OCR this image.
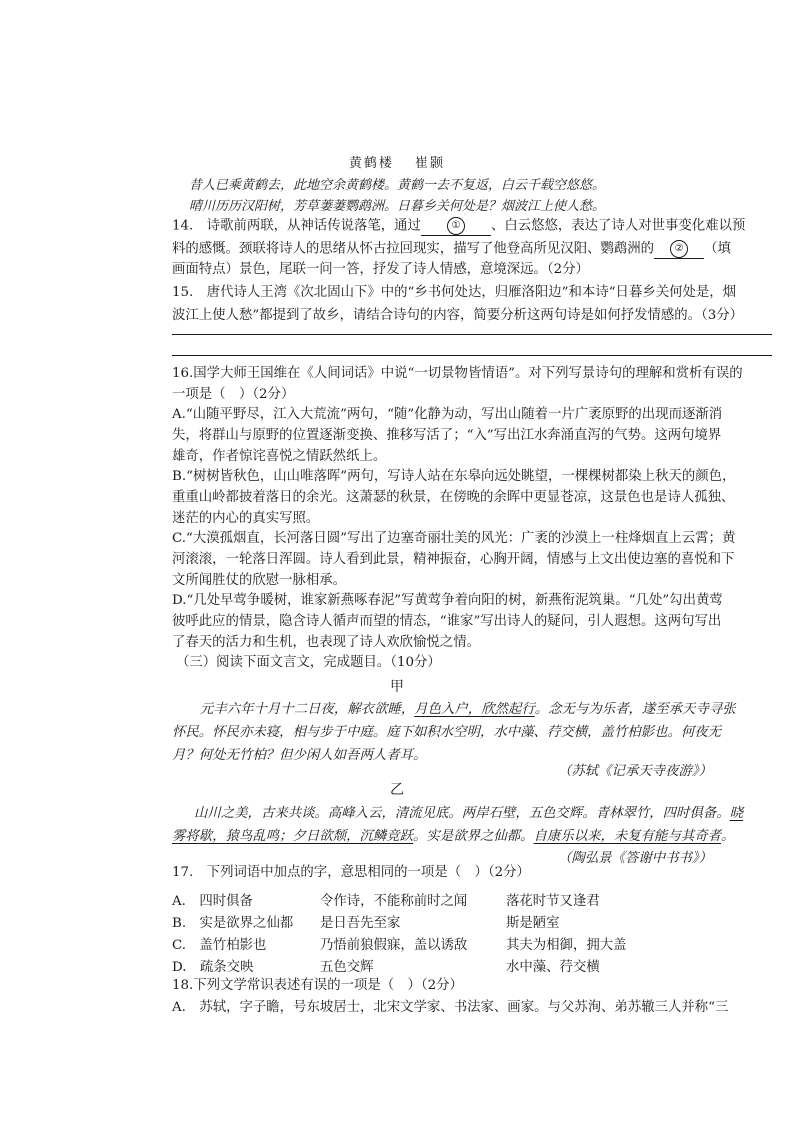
黄鹤楼　 崔颢
昔人已乘黄鹤去，此地空余黄鹤楼。黄鹤一去不复返，白云千载空悠悠。
晴川历历汉阳树，芳草萋萋鹦鹉洲。日暮乡关何处是？烟波江上使人愁。
14.　诗歌前两联，从神话传说落笔，通过	① 、白云悠悠，表达了诗人对世事变化难以预
料的感慨。颈联将诗人的思绪从怀古拉回现实，描写了他登高所见汉阳、鹦鹉洲的 ② （填
画面特点）景色，尾联一问一答，抒发了诗人情感，意境深远。（2分）
15.　唐代诗人王湾《次北固山下》中的“乡书何处达，归雁洛阳边”和本诗“日暮乡关何处是，烟
波江上使人愁”都提到了故乡，请结合诗句的内容，简要分析这两句诗是如何抒发情感的。（3分）
16.国学大师王国维在《人间词话》中说“一切景物皆情语”。对下列写景诗句的理解和赏析有误的
一项是（　）（2分）
A.“山随平野尽，江入大荒流”两句，“随”化静为动，写出山随着一片广袤原野的出现而逐渐消
失，将群山与原野的位置逐渐变换、推移写活了；“入”写出江水奔涌直泻的气势。这两句境界
雄奇，作者惊诧喜悦之情跃然纸上。
B.“树树皆秋色，山山唯落晖”两句，写诗人站在东皋向远处眺望，一棵棵树都染上秋天的颜色，
重重山岭都披着落日的余光。这萧瑟的秋景，在傍晚的余晖中更显苍凉，这景色也是诗人孤独、
迷茫的内心的真实写照。
C.“大漠孤烟直，长河落日圆”写出了边塞奇丽壮美的风光：广袤的沙漠上一柱烽烟直上云霄；黄
河滚滚，一轮落日浑圆。诗人看到此景，精神振奋，心胸开阔，情感与上文出使边塞的喜悦和下
文所闻胜仗的欣慰一脉相承。
D.“几处早莺争暖树，谁家新燕啄春泥”写黄莺争着向阳的树，新燕衔泥筑巢。“几处”勾出黄莺
彼呼此应的情景，隐含诗人循声而望的情态，“谁家”写出诗人的疑问，引人遐想。这两句写出
了春天的活力和生机，也表现了诗人欢欣愉悦之情。
（三）阅读下面文言文，完成题目。（10分）
甲
元丰六年十月十二日夜，解衣欲睡，月色入户，欣然起行。念无与为乐者，遂至承天寺寻张
怀民。怀民亦未寝，相与步于中庭。庭下如积水空明，水中藻、荇交横，盖竹柏影也。何夜无
月？何处无竹柏？但少闲人如吾两人者耳。
（苏轼《记承天寺夜游》）
乙
山川之美，古来共谈。高峰入云，清流见底。两岸石壁，五色交辉。青林翠竹，四时俱备。晓
雾将歇，猿鸟乱鸣；夕日欲颓，沉鳞竞跃。实是欲界之仙都。自康乐以来，未复有能与其奇者。
（陶弘景《答谢中书书》）
17.　下列词语中加点的字，意思相同的一项是（　）（2分）
A.　四时俱备	令作诗，不能称前时之闻	落花时节又逢君
B.　实是欲界之仙都 是日吾先至家	斯是陋室
C.　盖竹柏影也	乃悟前狼假寐，盖以诱敌	其夫为相御，拥大盖
D.　疏条交映	五色交辉	水中藻、荇交横
18.下列文学常识表述有误的一项是（　）（2分）
A.　苏轼，字子瞻，号东坡居士，北宋文学家、书法家、画家。与父苏洵、弟苏辙三人并称“三
